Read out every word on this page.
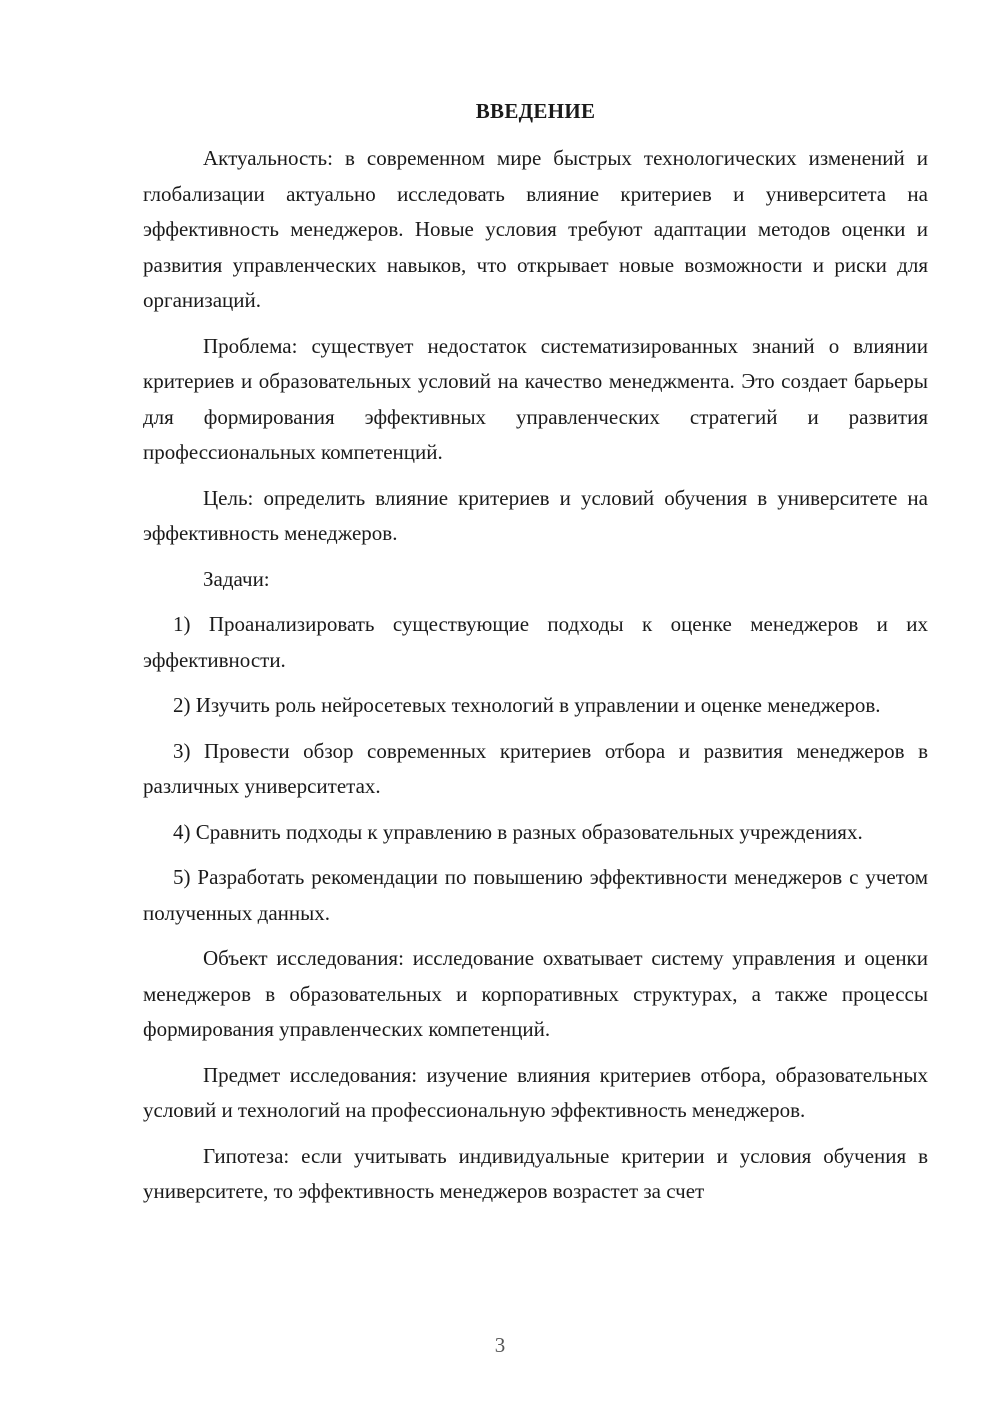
ВВЕДЕНИЕ

Актуальность: в современном мире быстрых технологических изменений и глобализации актуально исследовать влияние критериев и университета на эффективность менеджеров. Новые условия требуют адаптации методов оценки и развития управленческих навыков, что открывает новые возможности и риски для организаций.

Проблема: существует недостаток систематизированных знаний о влиянии критериев и образовательных условий на качество менеджмента. Это создает барьеры для формирования эффективных управленческих стратегий и развития профессиональных компетенций.

Цель: определить влияние критериев и условий обучения в университете на эффективность менеджеров.

Задачи:

1) Проанализировать существующие подходы к оценке менеджеров и их эффективности.

2) Изучить роль нейросетевых технологий в управлении и оценке менеджеров.

3) Провести обзор современных критериев отбора и развития менеджеров в различных университетах.

4) Сравнить подходы к управлению в разных образовательных учреждениях.

5) Разработать рекомендации по повышению эффективности менеджеров с учетом полученных данных.

Объект исследования: исследование охватывает систему управления и оценки менеджеров в образовательных и корпоративных структурах, а также процессы формирования управленческих компетенций.

Предмет исследования: изучение влияния критериев отбора, образовательных условий и технологий на профессиональную эффективность менеджеров.

Гипотеза: если учитывать индивидуальные критерии и условия обучения в университете, то эффективность менеджеров возрастет за счет

3
